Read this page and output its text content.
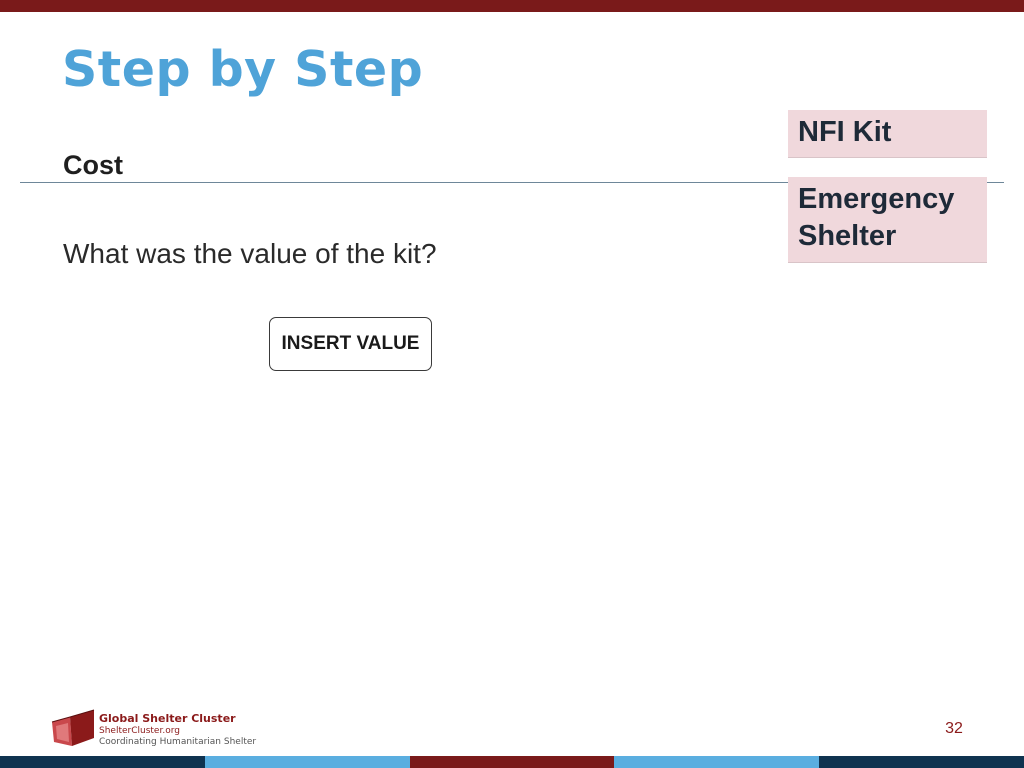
Step by Step
Cost
NFI Kit
Emergency
Shelter
What was the value of the kit?
INSERT VALUE
Global Shelter Cluster
ShelterCluster.org
Coordinating Humanitarian Shelter
32
